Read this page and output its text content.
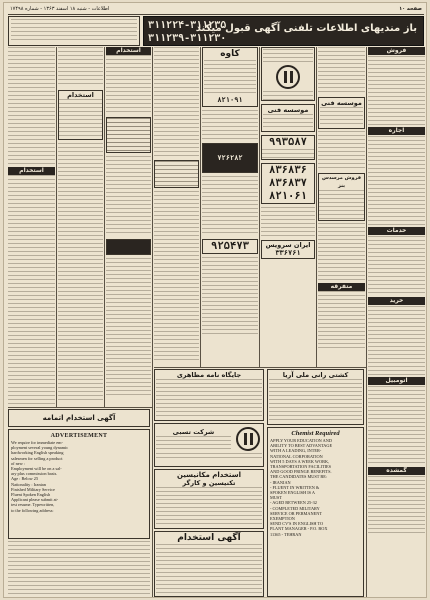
اطلاعات - شنبه ۱۸ اسفند ۱۳۶۳ - شماره ۱۷۴۹۸	صفحه ۱۰
۳۱۱۲۲۴-۳۱۱۲۳۵
۳۱۱۲۳۹-۳۱۱۲۳۰
باز مندیهای اطلاعات تلفنی آگهی قبول میکند
فروش
اجاره
خدمات
خرید
اتومبیل
گمشده
موسسه فنی
فروش مرسدس بنز
متفرقه
موسسه فنی
۹۹۳۵۸۷
۸۳۶۸۳۶
۸۳۶۸۳۷
۸۲۱۰۶۱
ایران سرویس
۳۳۶۷۶۱
کاوه
۸۲۱۰۹۱
۷۲۶۲۸۲
۹۲۵۴۷۳
استخدام
استخدام
استخدام
جایگاه نامه مظاهری	کشتی رانی ملی آریا
شرکت تسبی	Chemist Required

APPLY YOUR EDUCATION AND
ABILITY TO BEST ADVANTAGE
WITH A LEADING, INTER-
NATIONAL CORPORATION
WITH 5 DAYS A WEEK WORK,
TRANSPORTATION FACILITIES
AND GOOD FRINGE BENEFITS.
THE CANDIDATES MUST BE:
- IRANIAN
- FLUENT IN WRITTEN &
SPOKEN ENGLISH IS A
MUST
- AGED BETWEEN 25-32
- COMPLETED MILITARY
SERVICE OR PERMANENT
EXEMPTION
SEND CV'S IN ENGLISH TO
PLANT MANAGER - P.O. BOX
11365 - TEHRAN

استخدام مکانیسین
تکنیسین و کارگر
آگهی استخدام
آگهی استخدام اتمامه
ADVERTISEMENT

We require for immediate em-
ployment several young dynamic
hardworking English speaking
salesmen for selling a product
of new :
Employment will be on a sal-
ary plus commission basis.
Age : Below 25
Nationality : Iranian
Finished Military Service
Fluent Spoken English
Applicant please submit at-
test resume. Typewritten,
to the following address:
